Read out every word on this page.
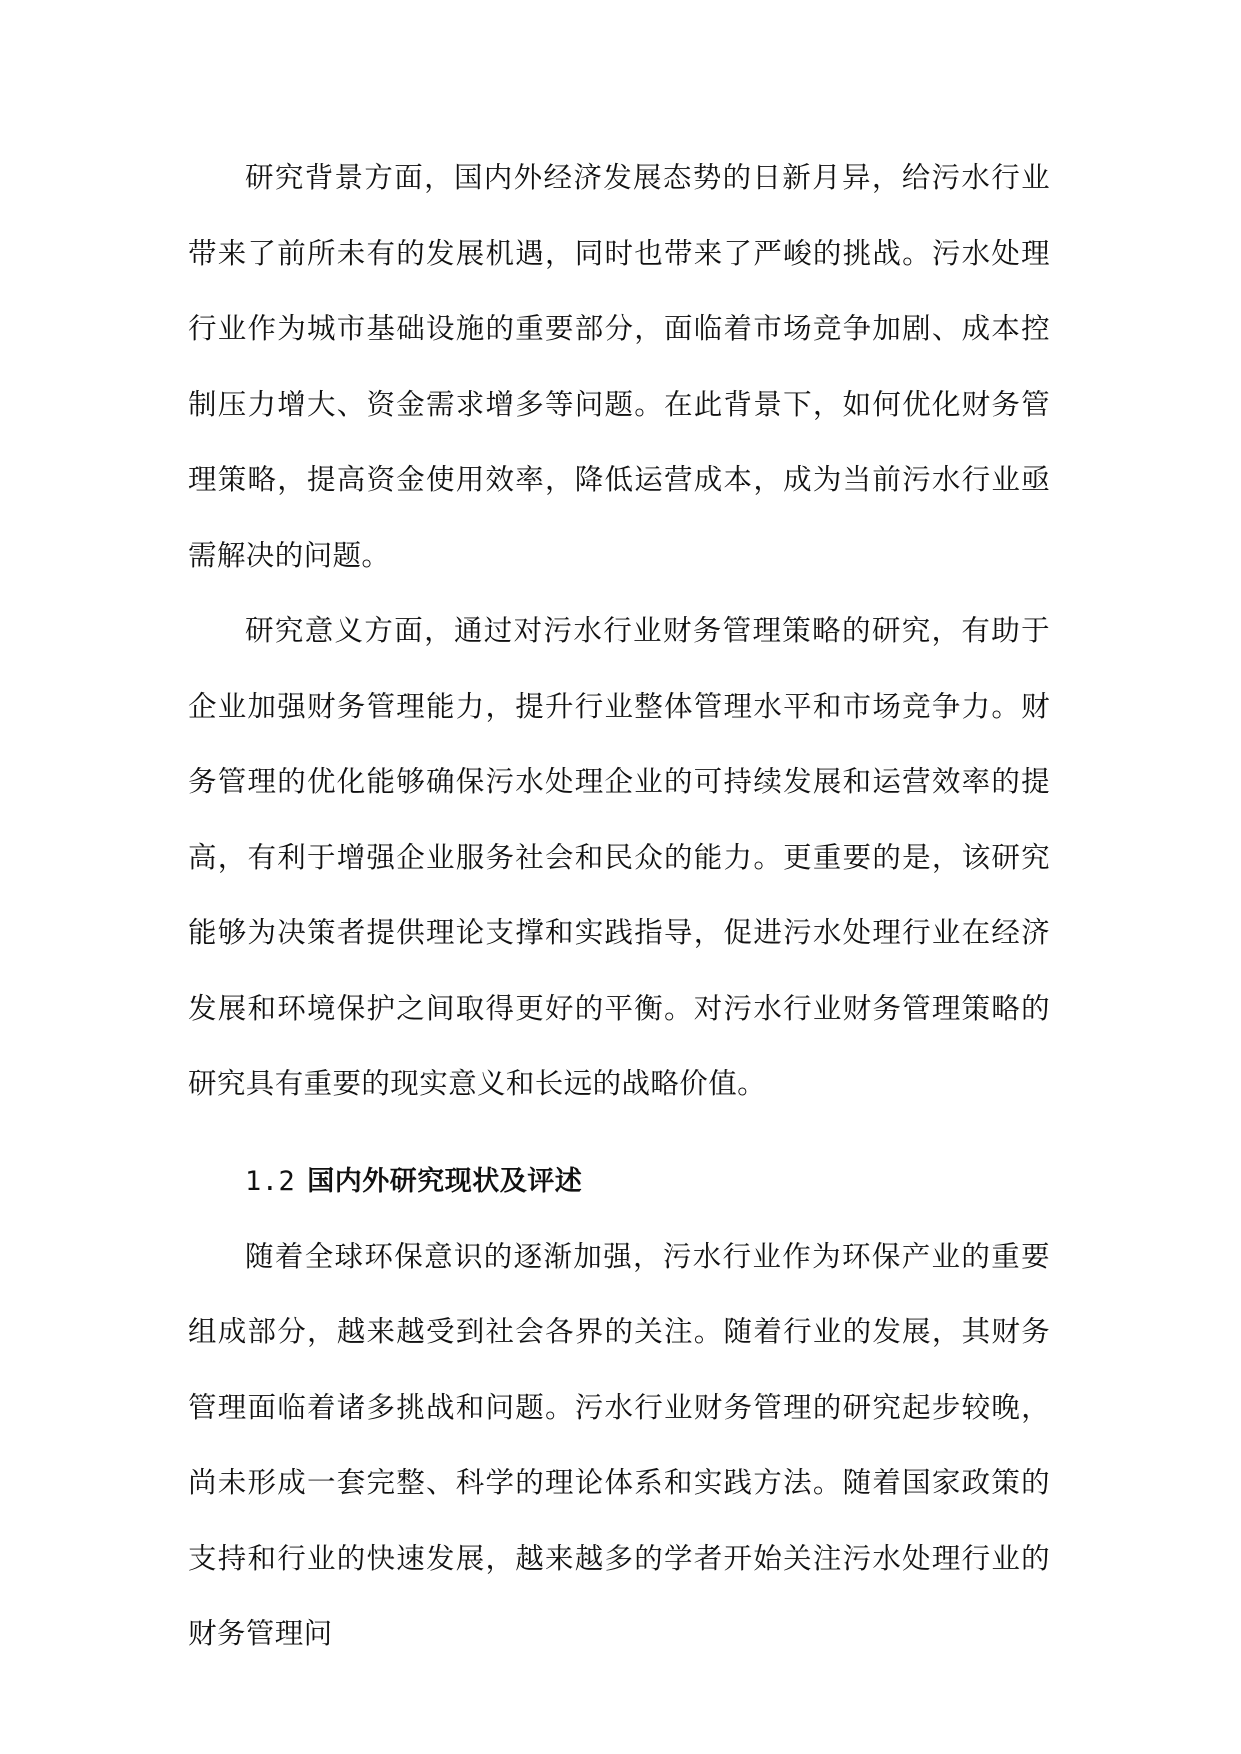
研究背景方面，国内外经济发展态势的日新月异，给污水行业带来了前所未有的发展机遇，同时也带来了严峻的挑战。污水处理行业作为城市基础设施的重要部分，面临着市场竞争加剧、成本控制压力增大、资金需求增多等问题。在此背景下，如何优化财务管理策略，提高资金使用效率，降低运营成本，成为当前污水行业亟需解决的问题。

研究意义方面，通过对污水行业财务管理策略的研究，有助于企业加强财务管理能力，提升行业整体管理水平和市场竞争力。财务管理的优化能够确保污水处理企业的可持续发展和运营效率的提高，有利于增强企业服务社会和民众的能力。更重要的是，该研究能够为决策者提供理论支撑和实践指导，促进污水处理行业在经济发展和环境保护之间取得更好的平衡。对污水行业财务管理策略的研究具有重要的现实意义和长远的战略价值。

1.2 国内外研究现状及评述

随着全球环保意识的逐渐加强，污水行业作为环保产业的重要组成部分，越来越受到社会各界的关注。随着行业的发展，其财务管理面临着诸多挑战和问题。污水行业财务管理的研究起步较晚，尚未形成一套完整、科学的理论体系和实践方法。随着国家政策的支持和行业的快速发展，越来越多的学者开始关注污水处理行业的财务管理问
